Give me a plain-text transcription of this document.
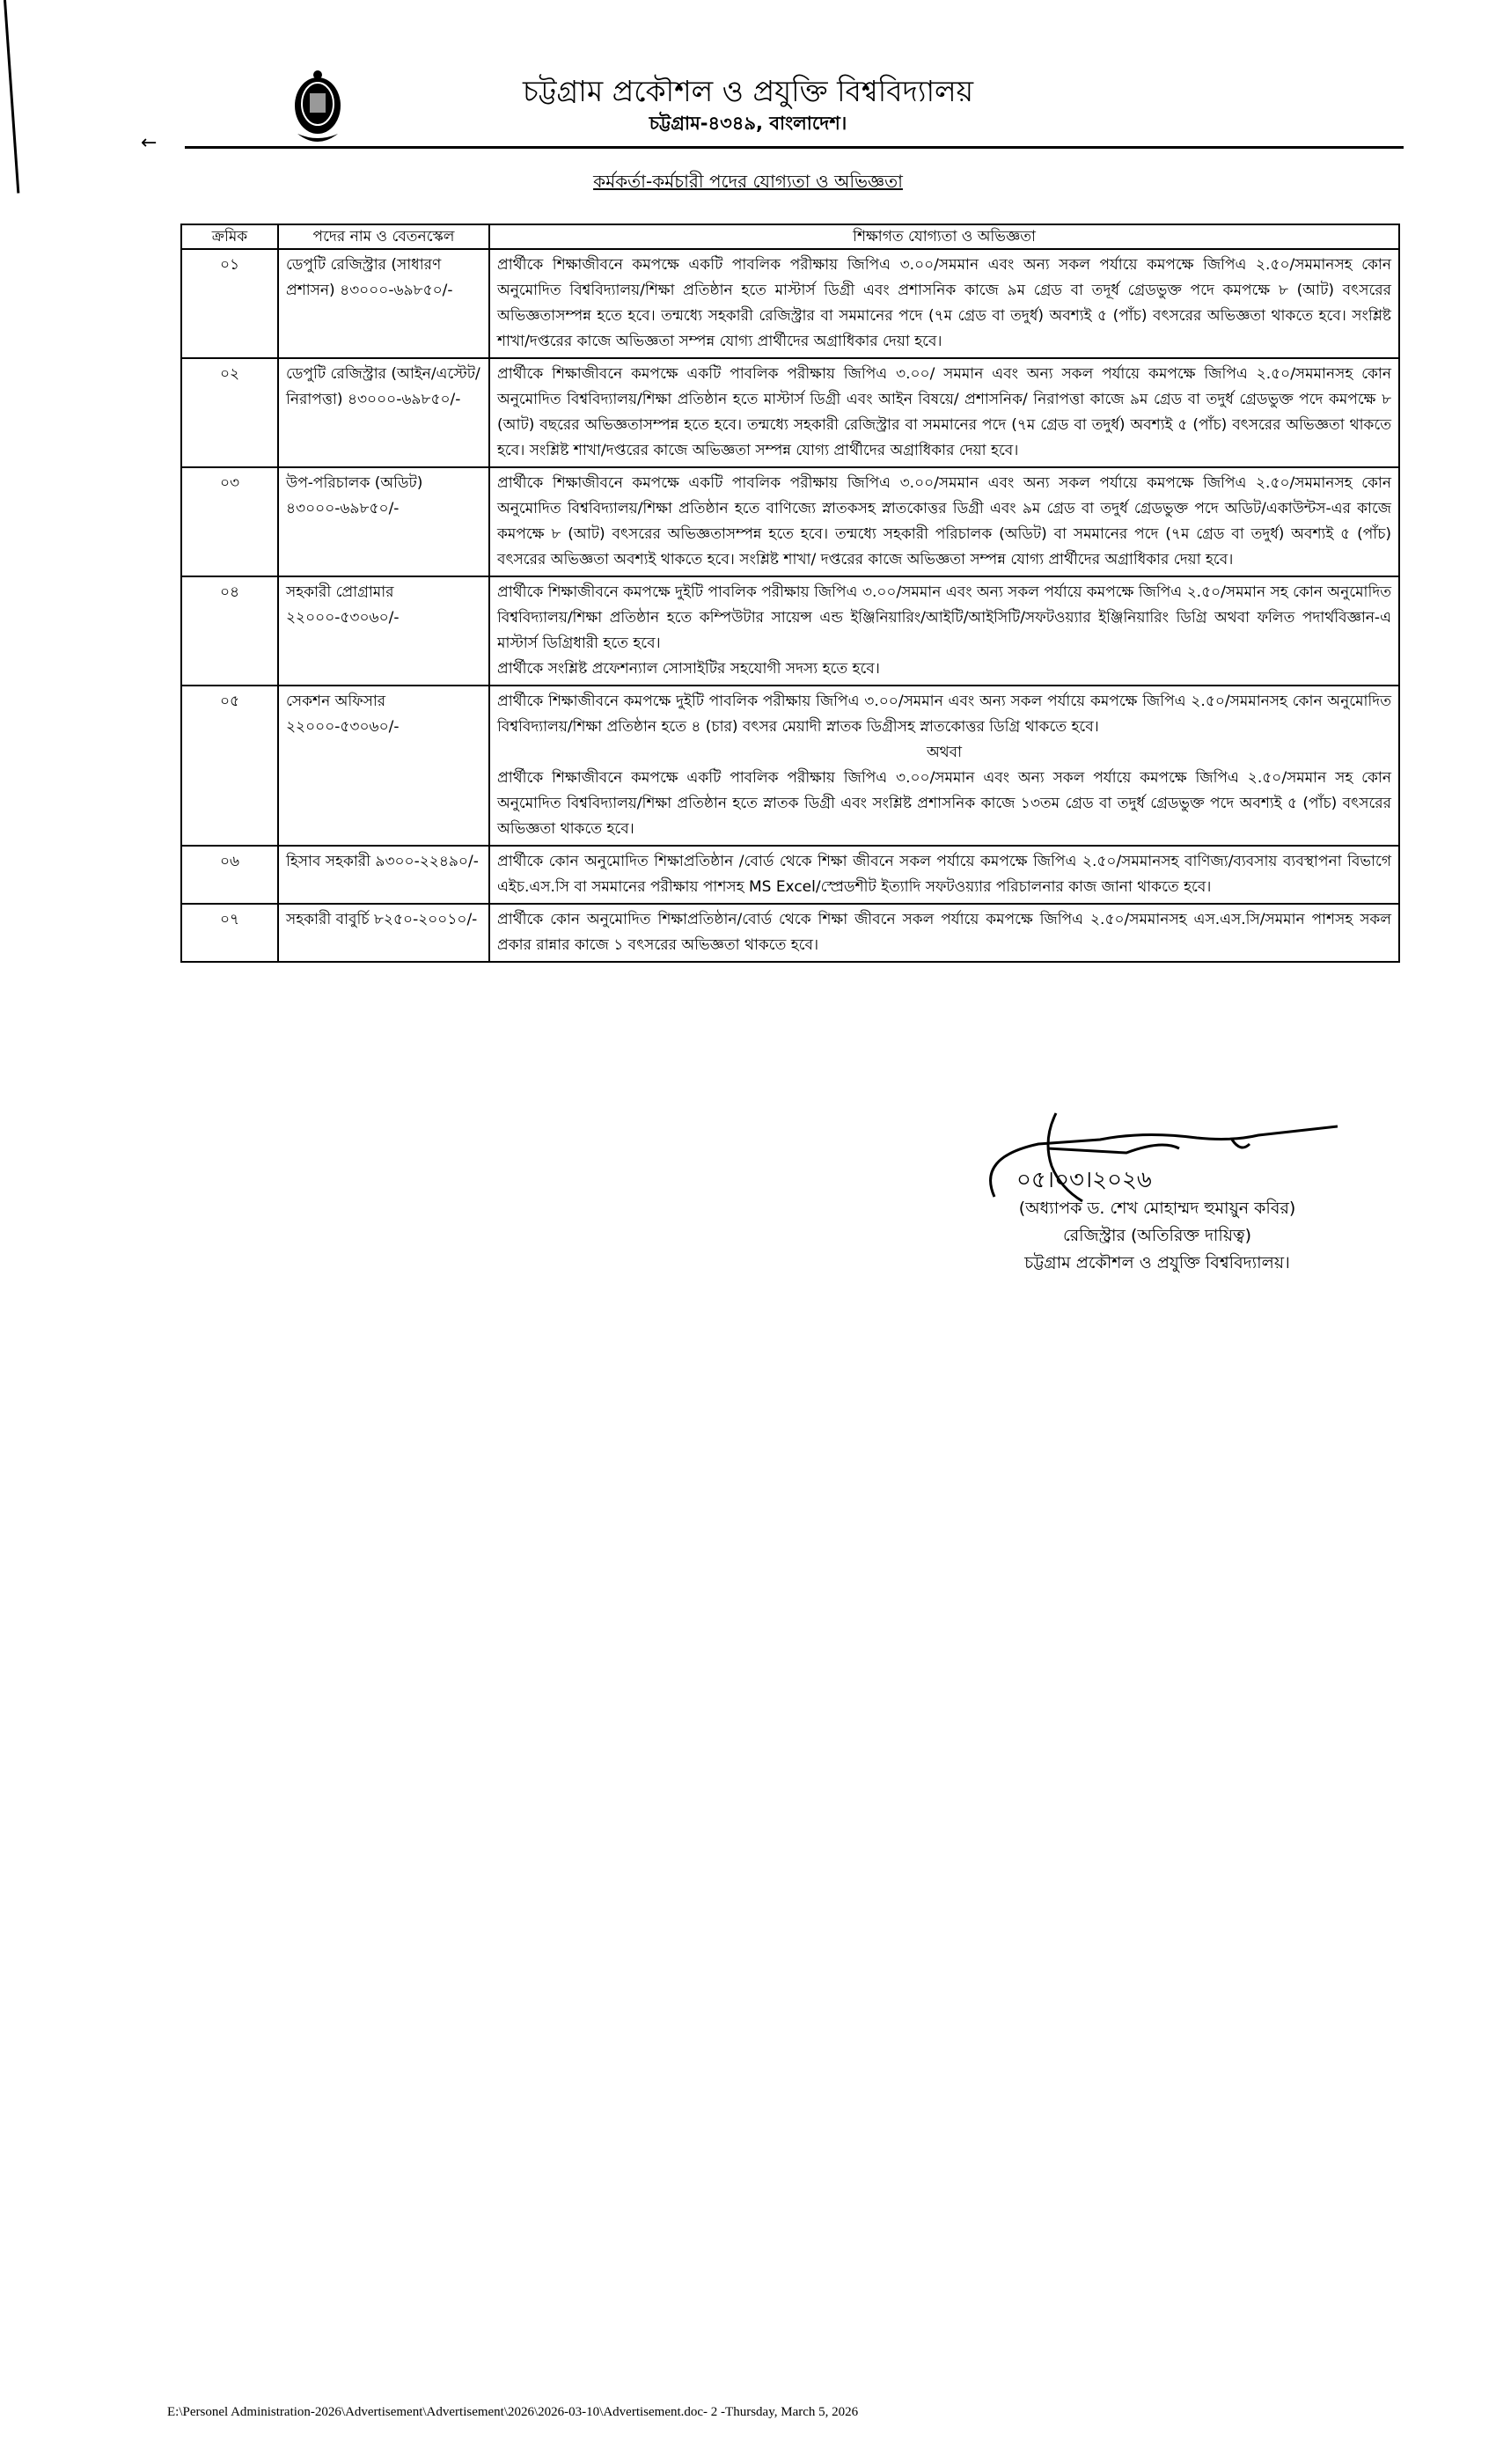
←
চট্টগ্রাম প্রকৌশল ও প্রযুক্তি বিশ্ববিদ্যালয়
চট্টগ্রাম-৪৩৪৯, বাংলাদেশ।
কর্মকর্তা-কর্মচারী পদের যোগ্যতা ও অভিজ্ঞতা
ক্রমিক	পদের নাম ও বেতনস্কেল	শিক্ষাগত যোগ্যতা ও অভিজ্ঞতা
০১	ডেপুটি রেজিস্ট্রার (সাধারণ প্রশাসন) ৪৩০০০-৬৯৮৫০/-	প্রার্থীকে শিক্ষাজীবনে কমপক্ষে একটি পাবলিক পরীক্ষায় জিপিএ ৩.০০/সমমান এবং অন্য সকল পর্যায়ে কমপক্ষে জিপিএ ২.৫০/সমমানসহ কোন অনুমোদিত বিশ্ববিদ্যালয়/শিক্ষা প্রতিষ্ঠান হতে মাস্টার্স ডিগ্রী এবং প্রশাসনিক কাজে ৯ম গ্রেড বা তদূর্ধ গ্রেডভুক্ত পদে কমপক্ষে ৮ (আট) বৎসরের অভিজ্ঞতাসম্পন্ন হতে হবে। তন্মধ্যে সহকারী রেজিস্ট্রার বা সমমানের পদে (৭ম গ্রেড বা তদুর্ধ) অবশ্যই ৫ (পাঁচ) বৎসরের অভিজ্ঞতা থাকতে হবে। সংশ্লিষ্ট শাখা/দপ্তরের কাজে অভিজ্ঞতা সম্পন্ন যোগ্য প্রার্থীদের অগ্রাধিকার দেয়া হবে।
০২	ডেপুটি রেজিস্ট্রার (আইন/এস্টেট/ নিরাপত্তা) ৪৩০০০-৬৯৮৫০/-	প্রার্থীকে শিক্ষাজীবনে কমপক্ষে একটি পাবলিক পরীক্ষায় জিপিএ ৩.০০/ সমমান এবং অন্য সকল পর্যায়ে কমপক্ষে জিপিএ ২.৫০/সমমানসহ কোন অনুমোদিত বিশ্ববিদ্যালয়/শিক্ষা প্রতিষ্ঠান হতে মাস্টার্স ডিগ্রী এবং আইন বিষয়ে/ প্রশাসনিক/ নিরাপত্তা কাজে ৯ম গ্রেড বা তদুর্ধ গ্রেডভুক্ত পদে কমপক্ষে ৮ (আট) বছরের অভিজ্ঞতাসম্পন্ন হতে হবে। তন্মধ্যে সহকারী রেজিস্ট্রার বা সমমানের পদে (৭ম গ্রেড বা তদুর্ধ) অবশ্যই ৫ (পাঁচ) বৎসরের অভিজ্ঞতা থাকতে হবে। সংশ্লিষ্ট শাখা/দপ্তরের কাজে অভিজ্ঞতা সম্পন্ন যোগ্য প্রার্থীদের অগ্রাধিকার দেয়া হবে।
০৩	উপ-পরিচালক (অডিট) ৪৩০০০-৬৯৮৫০/-	প্রার্থীকে শিক্ষাজীবনে কমপক্ষে একটি পাবলিক পরীক্ষায় জিপিএ ৩.০০/সমমান এবং অন্য সকল পর্যায়ে কমপক্ষে জিপিএ ২.৫০/সমমানসহ কোন অনুমোদিত বিশ্ববিদ্যালয়/শিক্ষা প্রতিষ্ঠান হতে বাণিজ্যে স্নাতকসহ স্নাতকোত্তর ডিগ্রী এবং ৯ম গ্রেড বা তদুর্ধ গ্রেডভুক্ত পদে অডিট/একাউন্টস-এর কাজে কমপক্ষে ৮ (আট) বৎসরের অভিজ্ঞতাসম্পন্ন হতে হবে। তন্মধ্যে সহকারী পরিচালক (অডিট) বা সমমানের পদে (৭ম গ্রেড বা তদুর্ধ) অবশ্যই ৫ (পাঁচ) বৎসরের অভিজ্ঞতা অবশ্যই থাকতে হবে। সংশ্লিষ্ট শাখা/ দপ্তরের কাজে অভিজ্ঞতা সম্পন্ন যোগ্য প্রার্থীদের অগ্রাধিকার দেয়া হবে।
০৪	সহকারী প্রোগ্রামার ২২০০০-৫৩০৬০/-	প্রার্থীকে শিক্ষাজীবনে কমপক্ষে দুইটি পাবলিক পরীক্ষায় জিপিএ ৩.০০/সমমান এবং অন্য সকল পর্যায়ে কমপক্ষে জিপিএ ২.৫০/সমমান সহ কোন অনুমোদিত বিশ্ববিদ্যালয়/শিক্ষা প্রতিষ্ঠান হতে কম্পিউটার সায়েন্স এন্ড ইঞ্জিনিয়ারিং/আইটি/আইসিটি/সফটওয়্যার ইঞ্জিনিয়ারিং ডিগ্রি অথবা ফলিত পদার্থবিজ্ঞান-এ মাস্টার্স ডিগ্রিধারী হতে হবে।
প্রার্থীকে সংশ্লিষ্ট প্রফেশন্যাল সোসাইটির সহযোগী সদস্য হতে হবে।

০৫	সেকশন অফিসার ২২০০০-৫৩০৬০/-	প্রার্থীকে শিক্ষাজীবনে কমপক্ষে দুইটি পাবলিক পরীক্ষায় জিপিএ ৩.০০/সমমান এবং অন্য সকল পর্যায়ে কমপক্ষে জিপিএ ২.৫০/সমমানসহ কোন অনুমোদিত বিশ্ববিদ্যালয়/শিক্ষা প্রতিষ্ঠান হতে ৪ (চার) বৎসর মেয়াদী স্নাতক ডিগ্রীসহ স্নাতকোত্তর ডিগ্রি থাকতে হবে।
অথবা
প্রার্থীকে শিক্ষাজীবনে কমপক্ষে একটি পাবলিক পরীক্ষায় জিপিএ ৩.০০/সমমান এবং অন্য সকল পর্যায়ে কমপক্ষে জিপিএ ২.৫০/সমমান সহ কোন অনুমোদিত বিশ্ববিদ্যালয়/শিক্ষা প্রতিষ্ঠান হতে স্নাতক ডিগ্রী এবং সংশ্লিষ্ট প্রশাসনিক কাজে ১৩তম গ্রেড বা তদুর্ধ গ্রেডভুক্ত পদে অবশ্যই ৫ (পাঁচ) বৎসরের অভিজ্ঞতা থাকতে হবে।

০৬	হিসাব সহকারী ৯৩০০-২২৪৯০/-	প্রার্থীকে কোন অনুমোদিত শিক্ষাপ্রতিষ্ঠান /বোর্ড থেকে শিক্ষা জীবনে সকল পর্যায়ে কমপক্ষে জিপিএ ২.৫০/সমমানসহ বাণিজ্য/ব্যবসায় ব্যবস্থাপনা বিভাগে এইচ.এস.সি বা সমমানের পরীক্ষায় পাশসহ MS Excel/স্প্রেডশীট ইত্যাদি সফটওয়্যার পরিচালনার কাজ জানা থাকতে হবে।
০৭	সহকারী বাবুর্চি ৮২৫০-২০০১০/-	প্রার্থীকে কোন অনুমোদিত শিক্ষাপ্রতিষ্ঠান/বোর্ড থেকে শিক্ষা জীবনে সকল পর্যায়ে কমপক্ষে জিপিএ ২.৫০/সমমানসহ এস.এস.সি/সমমান পাশসহ সকল প্রকার রান্নার কাজে ১ বৎসরের অভিজ্ঞতা থাকতে হবে।
০৫।০৩।২০২৬
(অধ্যাপক ড. শেখ মোহাম্মদ হুমায়ুন কবির)
রেজিস্ট্রার (অতিরিক্ত দায়িত্ব)
চট্টগ্রাম প্রকৌশল ও প্রযুক্তি বিশ্ববিদ্যালয়।
E:\Personel Administration-2026\Advertisement\Advertisement\2026\2026-03-10\Advertisement.doc- 2 -Thursday, March 5, 2026
